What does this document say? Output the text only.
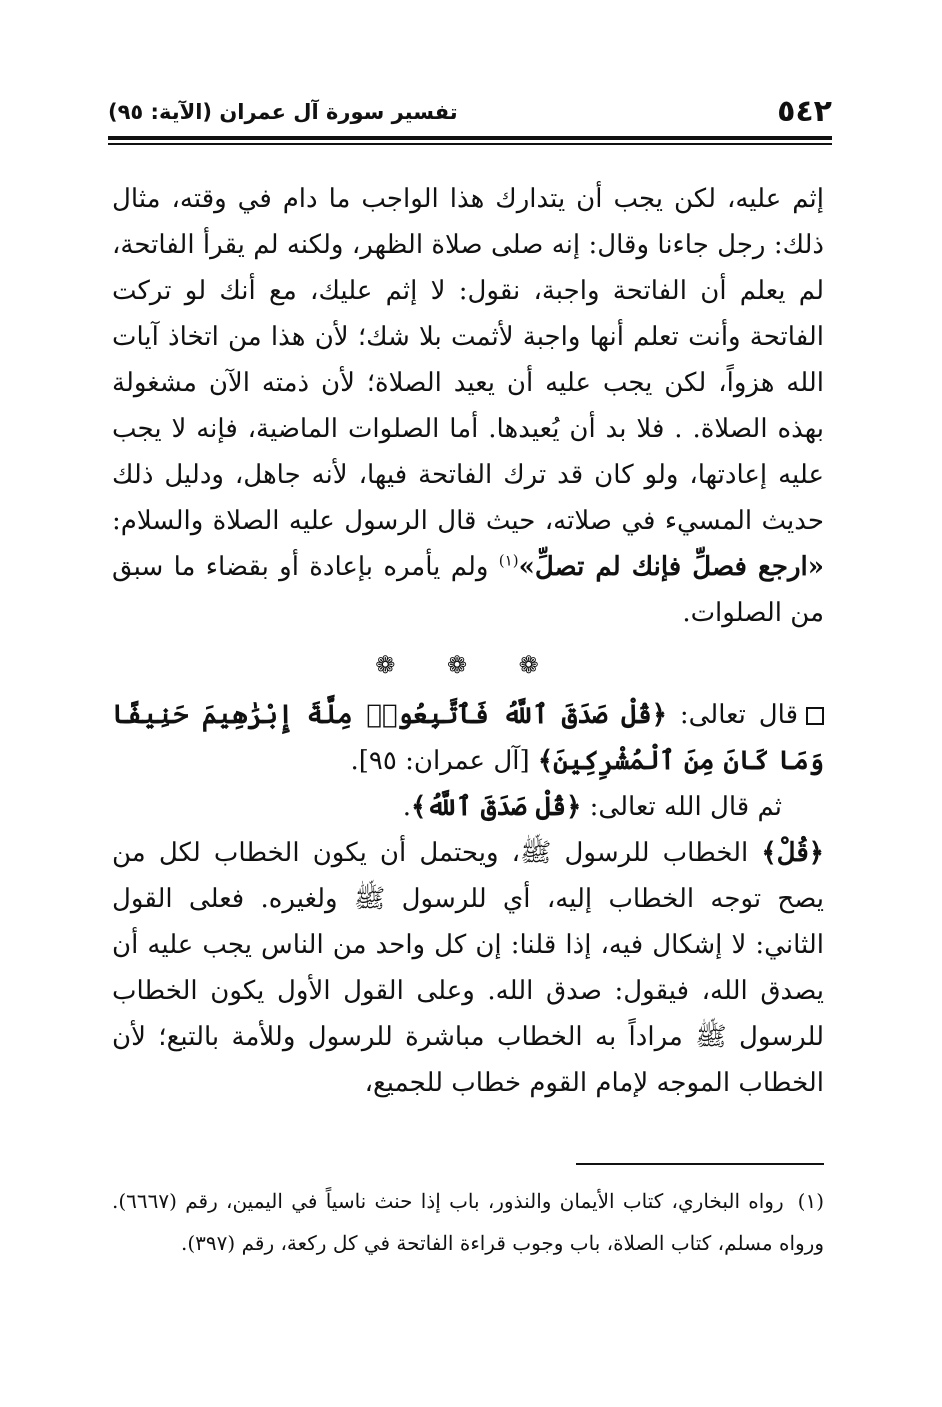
٥٤٢
تفسير سورة آل عمران (الآية: ٩٥)

إثم عليه، لكن يجب أن يتدارك هذا الواجب ما دام في وقته، مثال ذلك: رجل جاءنا وقال: إنه صلى صلاة الظهر، ولكنه لم يقرأ الفاتحة، لم يعلم أن الفاتحة واجبة، نقول: لا إثم عليك، مع أنك لو تركت الفاتحة وأنت تعلم أنها واجبة لأثمت بلا شك؛ لأن هذا من اتخاذ آيات الله هزواً، لكن يجب عليه أن يعيد الصلاة؛ لأن ذمته الآن مشغولة بهذه الصلاة. . فلا بد أن يُعيدها. أما الصلوات الماضية، فإنه لا يجب عليه إعادتها، ولو كان قد ترك الفاتحة فيها، لأنه جاهل، ودليل ذلك حديث المسيء في صلاته، حيث قال الرسول عليه الصلاة والسلام: «ارجع فصلِّ فإنك لم تصلِّ»$^{(١)}$ ولم يأمره بإعادة أو بقضاء ما سبق من الصلوات.

❁ ❁ ❁

قال تعالى: ﴿قُلْ صَدَقَ ٱللَّهُ فَٱتَّبِعُوا۟ مِلَّةَ إِبْرَٰهِيمَ حَنِيفًا وَمَا كَانَ مِنَ ٱلْمُشْرِكِينَ﴾ [آل عمران: ٩٥].

ثم قال الله تعالى: ﴿قُلْ صَدَقَ ٱللَّهُ﴾.

﴿قُلْ﴾ الخطاب للرسول ﷺ، ويحتمل أن يكون الخطاب لكل من يصح توجه الخطاب إليه، أي للرسول ﷺ ولغيره. فعلى القول الثاني: لا إشكال فيه، إذا قلنا: إن كل واحد من الناس يجب عليه أن يصدق الله، فيقول: صدق الله. وعلى القول الأول يكون الخطاب للرسول ﷺ مراداً به الخطاب مباشرة للرسول وللأمة بالتبع؛ لأن الخطاب الموجه لإمام القوم خطاب للجميع،

(١)رواه البخاري، كتاب الأيمان والنذور، باب إذا حنث ناسياً في اليمين، رقم (٦٦٦٧). ورواه مسلم، كتاب الصلاة، باب وجوب قراءة الفاتحة في كل ركعة، رقم (٣٩٧).
